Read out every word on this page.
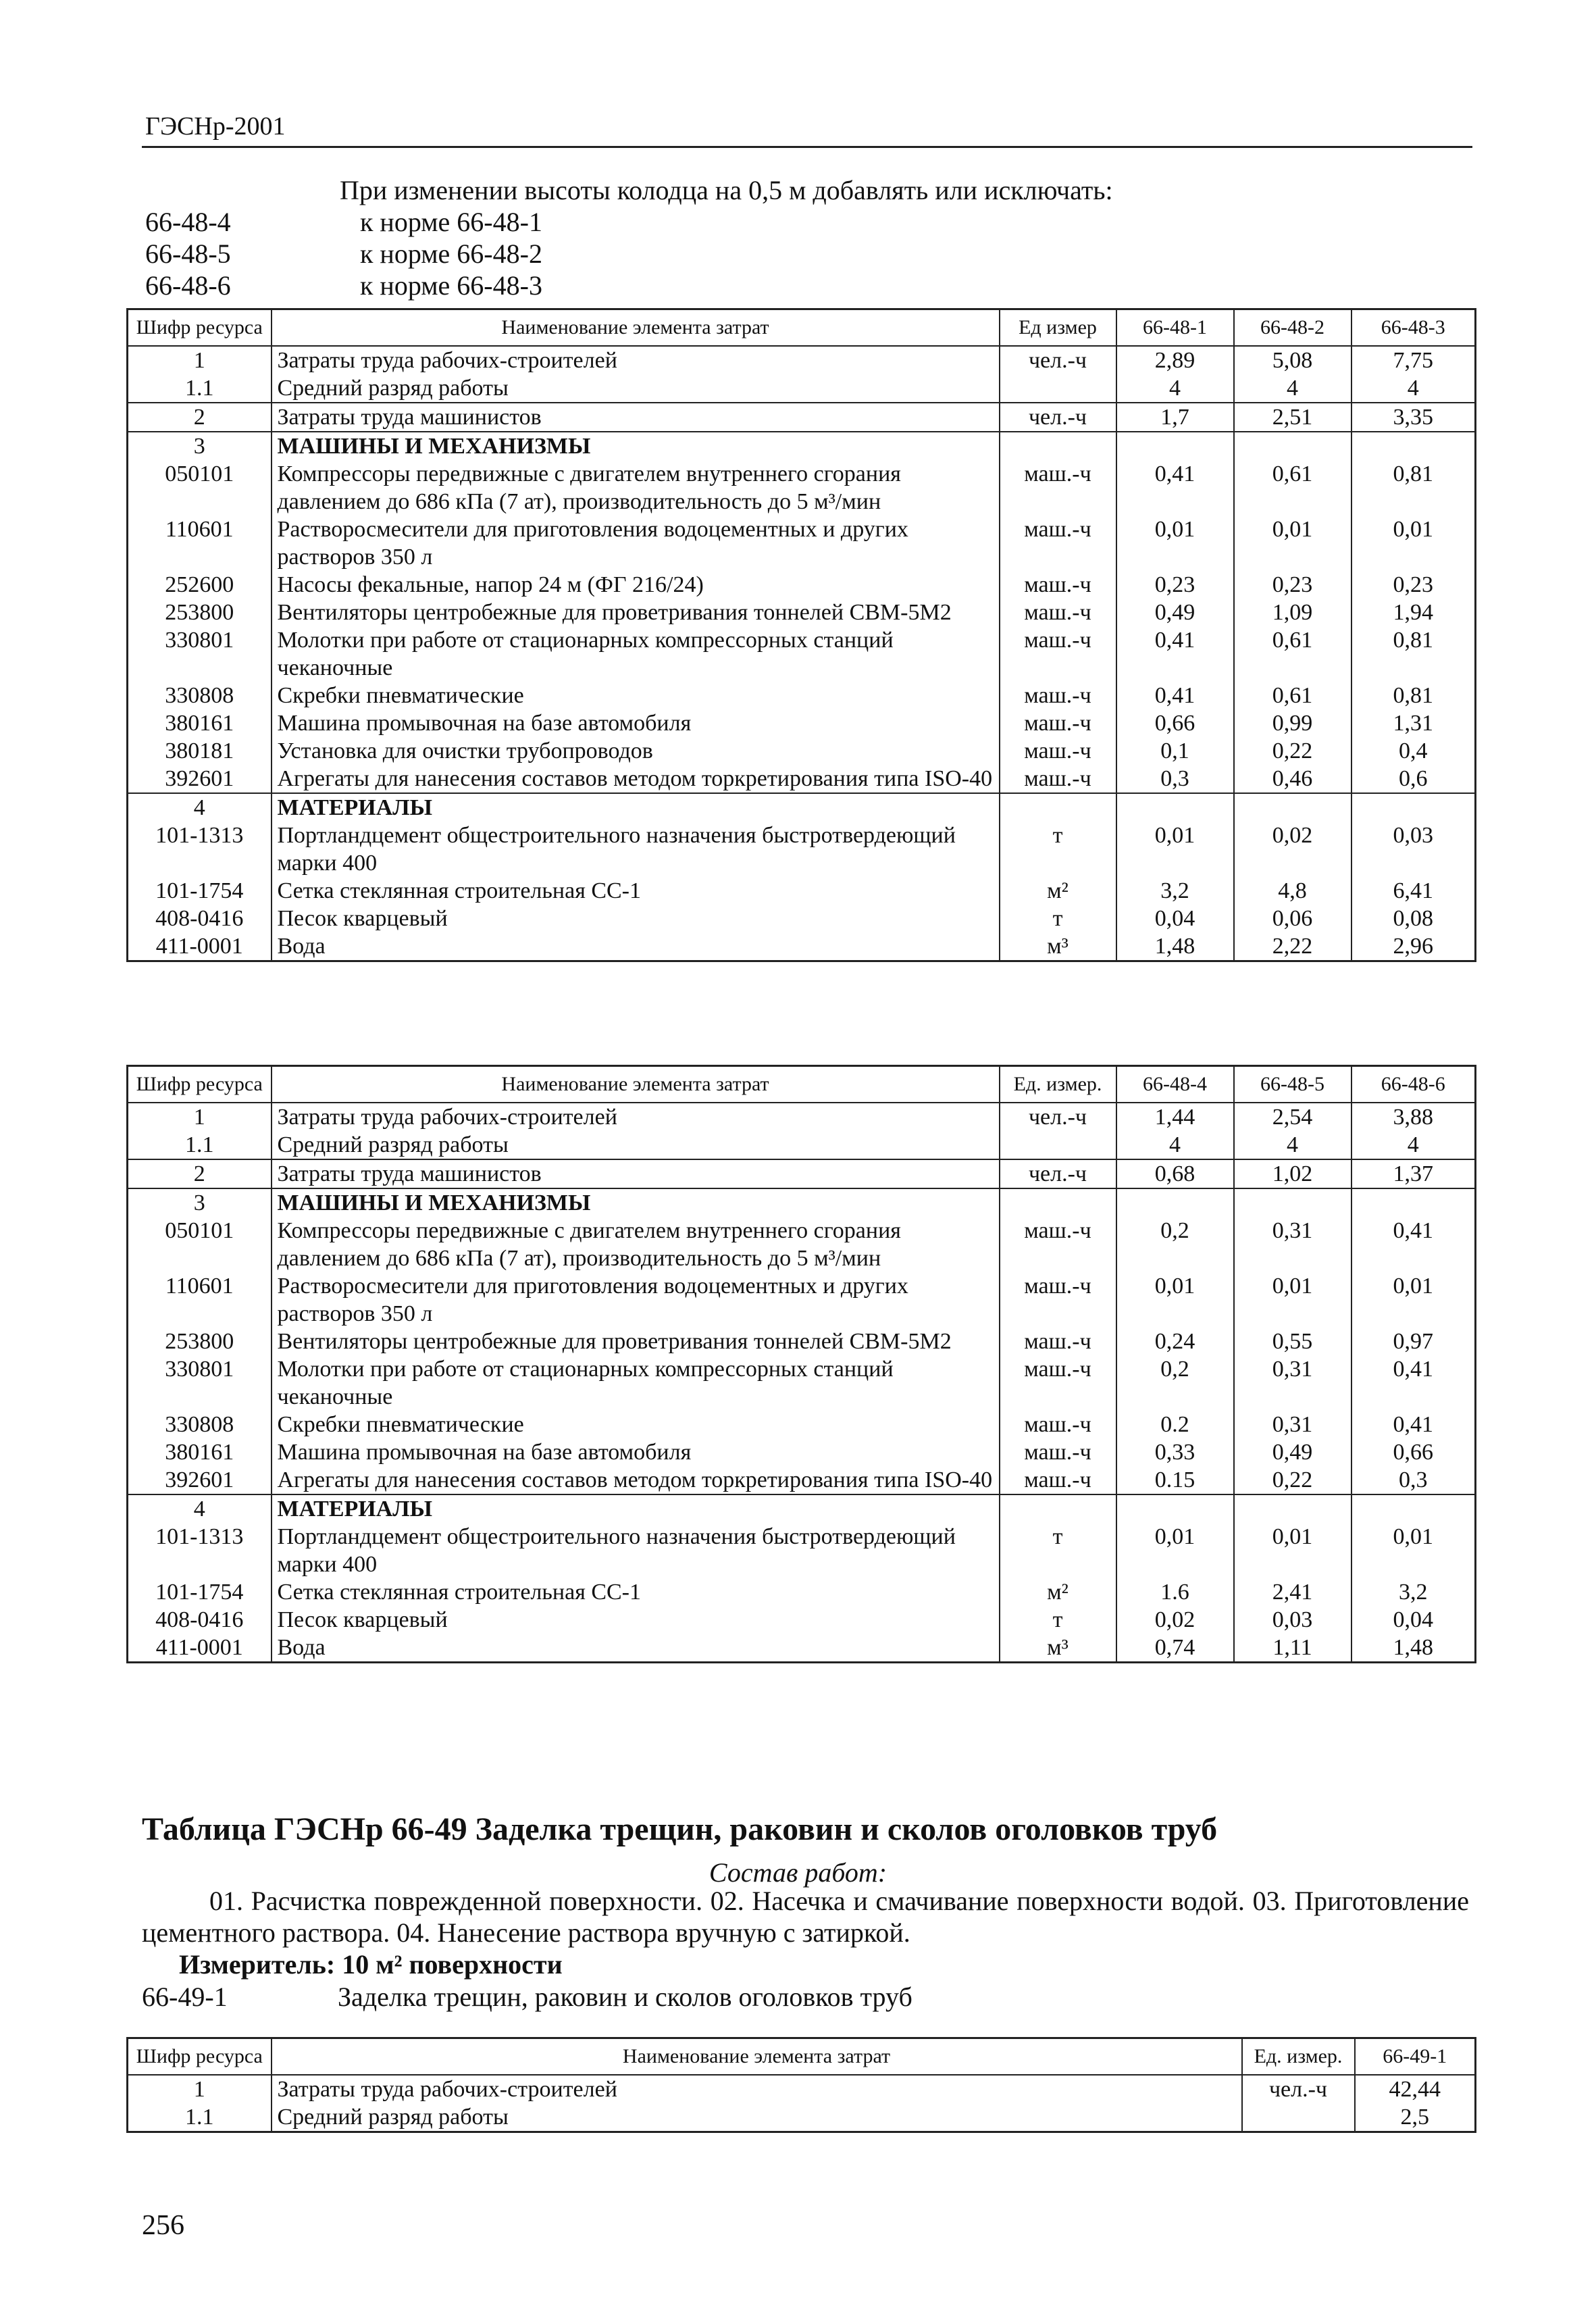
ГЭСНр-2001
При изменении высоты колодца на 0,5 м добавлять или исключать:
66-48-4	к норме 66-48-1
66-48-5	к норме 66-48-2
66-48-6	к норме 66-48-3
Шифр ресурса	Наименование элемента затрат	Ед измер	66-48-1	66-48-2	66-48-3
1	Затраты труда рабочих-строителей	чел.-ч	2,89	5,08	7,75
1.1	Средний разряд работы		4	4	4
2	Затраты труда машинистов	чел.-ч	1,7	2,51	3,35
3	МАШИНЫ И МЕХАНИЗМЫ				
050101	Компрессоры передвижные с двигателем внутреннего сгорания давлением до 686 кПа (7 ат), производительность до 5 м³/мин	маш.-ч	0,41	0,61	0,81
110601	Растворосмесители для приготовления водоцементных и других растворов 350 л	маш.-ч	0,01	0,01	0,01
252600	Насосы фекальные, напор 24 м (ФГ 216/24)	маш.-ч	0,23	0,23	0,23
253800	Вентиляторы центробежные для проветривания тоннелей СВМ-5М2	маш.-ч	0,49	1,09	1,94
330801	Молотки при работе от стационарных компрессорных станций чеканочные	маш.-ч	0,41	0,61	0,81
330808	Скребки пневматические	маш.-ч	0,41	0,61	0,81
380161	Машина промывочная на базе автомобиля	маш.-ч	0,66	0,99	1,31
380181	Установка для очистки трубопроводов	маш.-ч	0,1	0,22	0,4
392601	Агрегаты для нанесения составов методом торкретирования типа ISO-40	маш.-ч	0,3	0,46	0,6
4	МАТЕРИАЛЫ				
101-1313	Портландцемент общестроительного назначения быстротвердеющий марки 400	т	0,01	0,02	0,03
101-1754	Сетка стеклянная строительная СС-1	м²	3,2	4,8	6,41
408-0416	Песок кварцевый	т	0,04	0,06	0,08
411-0001	Вода	м³	1,48	2,22	2,96
Шифр ресурса	Наименование элемента затрат	Ед. измер.	66-48-4	66-48-5	66-48-6
1	Затраты труда рабочих-строителей	чел.-ч	1,44	2,54	3,88
1.1	Средний разряд работы		4	4	4
2	Затраты труда машинистов	чел.-ч	0,68	1,02	1,37
3	МАШИНЫ И МЕХАНИЗМЫ				
050101	Компрессоры передвижные с двигателем внутреннего сгорания давлением до 686 кПа (7 ат), производительность до 5 м³/мин	маш.-ч	0,2	0,31	0,41
110601	Растворосмесители для приготовления водоцементных и других растворов 350 л	маш.-ч	0,01	0,01	0,01
253800	Вентиляторы центробежные для проветривания тоннелей СВМ-5М2	маш.-ч	0,24	0,55	0,97
330801	Молотки при работе от стационарных компрессорных станций чеканочные	маш.-ч	0,2	0,31	0,41
330808	Скребки пневматические	маш.-ч	0.2	0,31	0,41
380161	Машина промывочная на базе автомобиля	маш.-ч	0,33	0,49	0,66
392601	Агрегаты для нанесения составов методом торкретирования типа ISO-40	маш.-ч	0.15	0,22	0,3
4	МАТЕРИАЛЫ				
101-1313	Портландцемент общестроительного назначения быстротвердеющий марки 400	т	0,01	0,01	0,01
101-1754	Сетка стеклянная строительная СС-1	м²	1.6	2,41	3,2
408-0416	Песок кварцевый	т	0,02	0,03	0,04
411-0001	Вода	м³	0,74	1,11	1,48
Таблица ГЭСНр 66-49 Заделка трещин, раковин и сколов оголовков труб
Состав работ:
01. Расчистка поврежденной поверхности. 02. Насечка и смачивание поверхности водой. 03. Приготовление цементного раствора. 04. Нанесение раствора вручную с затиркой.
Измеритель: 10 м² поверхности
66-49-1	Заделка трещин, раковин и сколов оголовков труб
Шифр ресурса	Наименование элемента затрат	Ед. измер.	66-49-1
1	Затраты труда рабочих-строителей	чел.-ч	42,44
1.1	Средний разряд работы		2,5
256
